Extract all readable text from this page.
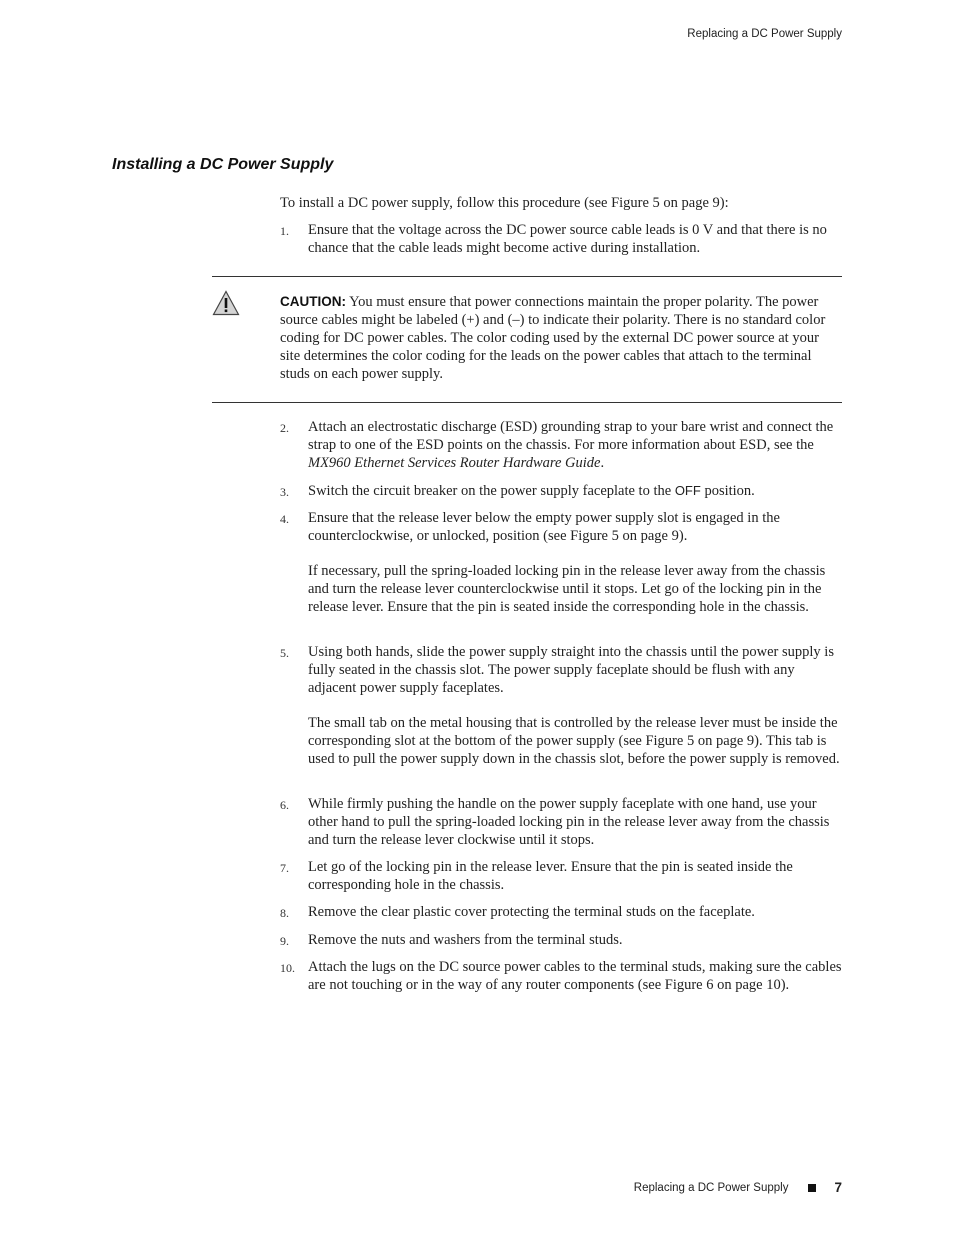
Replacing a DC Power Supply
Installing a DC Power Supply
To install a DC power supply, follow this procedure (see Figure 5 on page 9):
1.	Ensure that the voltage across the DC power source cable leads is 0 V and that there is no chance that the cable leads might become active during installation.

CAUTION: You must ensure that power connections maintain the proper polarity. The power source cables might be labeled (+) and (–) to indicate their polarity. There is no standard color coding for DC power cables. The color coding used by the external DC power source at your site determines the color coding for the leads on the power cables that attach to the terminal studs on each power supply.
2.	Attach an electrostatic discharge (ESD) grounding strap to your bare wrist and connect the strap to one of the ESD points on the chassis. For more information about ESD, see the MX960 Ethernet Services Router Hardware Guide.

3.	Switch the circuit breaker on the power supply faceplate to the OFF position.

4.	Ensure that the release lever below the empty power supply slot is engaged in the counterclockwise, or unlocked, position (see Figure 5 on page 9).

If necessary, pull the spring-loaded locking pin in the release lever away from the chassis and turn the release lever counterclockwise until it stops. Let go of the locking pin in the release lever. Ensure that the pin is seated inside the corresponding hole in the chassis.

5.	Using both hands, slide the power supply straight into the chassis until the power supply is fully seated in the chassis slot. The power supply faceplate should be flush with any adjacent power supply faceplates.

The small tab on the metal housing that is controlled by the release lever must be inside the corresponding slot at the bottom of the power supply (see Figure 5 on page 9). This tab is used to pull the power supply down in the chassis slot, before the power supply is removed.

6.	While firmly pushing the handle on the power supply faceplate with one hand, use your other hand to pull the spring-loaded locking pin in the release lever away from the chassis and turn the release lever clockwise until it stops.

7.	Let go of the locking pin in the release lever. Ensure that the pin is seated inside the corresponding hole in the chassis.

8.	Remove the clear plastic cover protecting the terminal studs on the faceplate.

9.	Remove the nuts and washers from the terminal studs.

10. Attach the lugs on the DC source power cables to the terminal studs, making sure the cables are not touching or in the way of any router components (see Figure 6 on page 10).

Replacing a DC Power Supply	7
